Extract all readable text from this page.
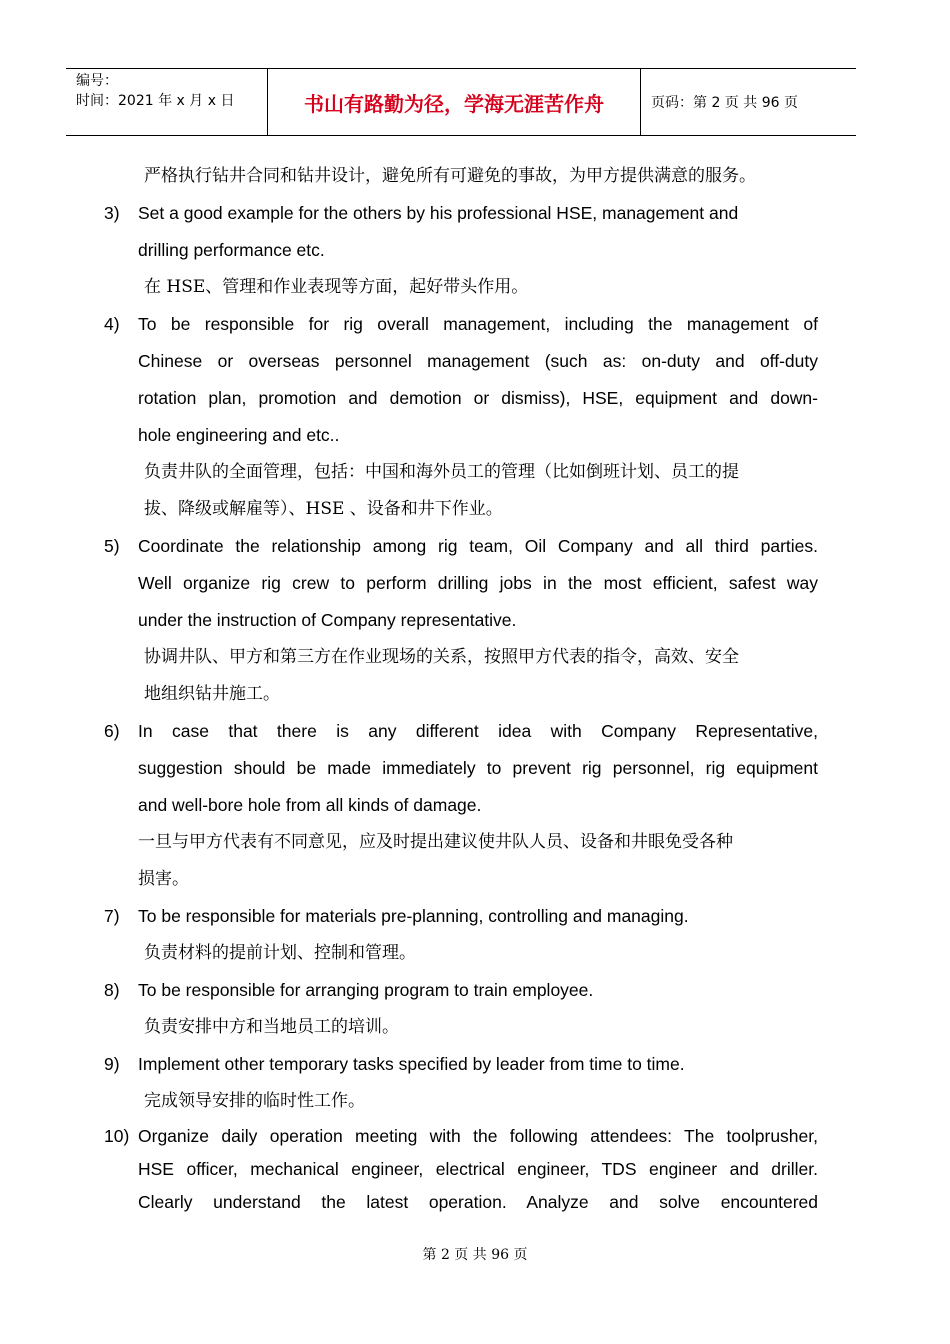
编号：
时间：2021 年 x 月 x 日	书山有路勤为径，学海无涯苦作舟	页码：第 2 页 共 96 页
严格执行钻井合同和钻井设计，避免所有可避免的事故，为甲方提供满意的服务。
3)	Set a good example for the others by his professional HSE, management and
drilling performance etc.
在 HSE、管理和作业表现等方面，起好带头作用。
4)	To be responsible for rig overall management, including the management of
Chinese or overseas personnel management (such as: on-duty and off-duty
rotation plan, promotion and demotion or dismiss), HSE, equipment and down-
hole engineering and etc..
负责井队的全面管理，包括：中国和海外员工的管理（比如倒班计划、员工的提
拔、降级或解雇等）、HSE 、设备和井下作业。
5)	Coordinate the relationship among rig team, Oil Company and all third parties.
Well organize rig crew to perform drilling jobs in the most efficient, safest way
under the instruction of Company representative.
协调井队、甲方和第三方在作业现场的关系，按照甲方代表的指令，高效、安全
地组织钻井施工。
6)	In case that there is any different idea with Company Representative,
suggestion should be made immediately to prevent rig personnel, rig equipment
and well-bore hole from all kinds of damage.
一旦与甲方代表有不同意见，应及时提出建议使井队人员、设备和井眼免受各种
损害。
7)	To be responsible for materials pre-planning, controlling and managing.
负责材料的提前计划、控制和管理。
8)	To be responsible for arranging program to train employee.
负责安排中方和当地员工的培训。
9)	Implement other temporary tasks specified by leader from time to time.
完成领导安排的临时性工作。
10) Organize daily operation meeting with the following attendees: The toolprusher,
HSE officer, mechanical engineer, electrical engineer, TDS engineer and driller.
Clearly understand the latest operation. Analyze and solve encountered
第 2 页 共 96 页
